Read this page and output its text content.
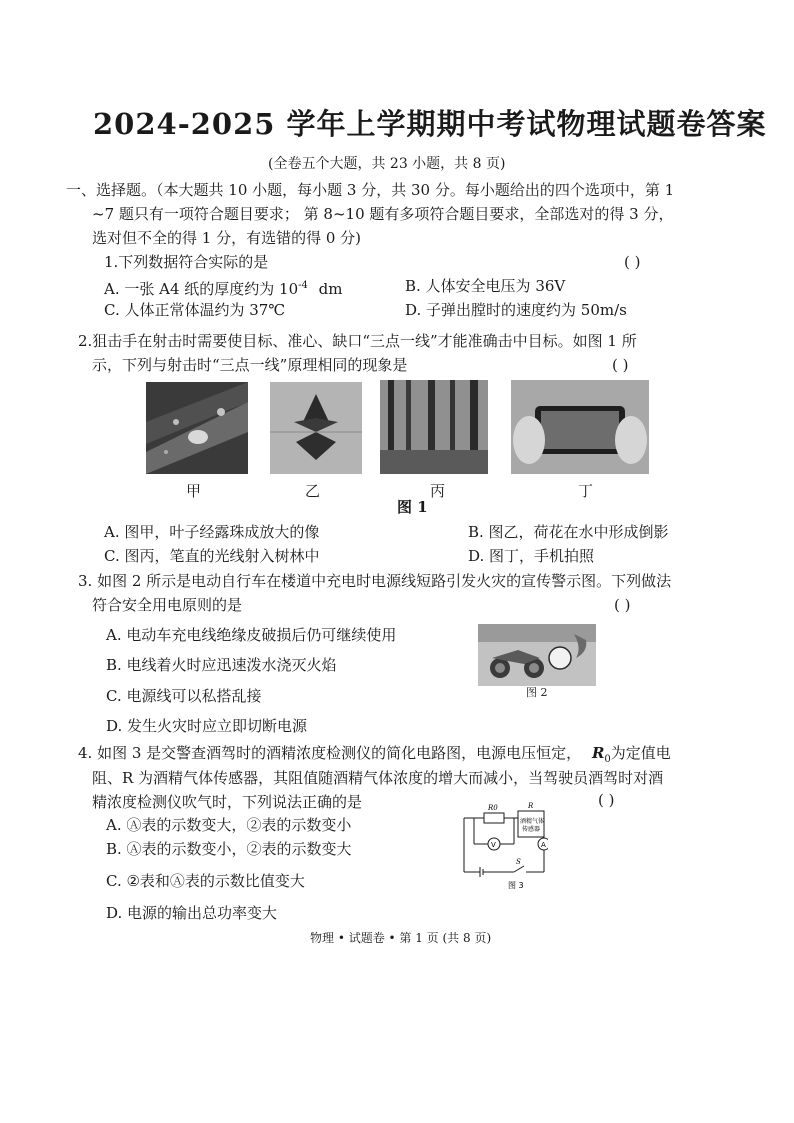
2024-2025 学年上学期期中考试物理试题卷答案
(全卷五个大题，共 23 小题，共 8 页)
一、选择题。（本大题共 10 小题，每小题 3 分，共 30 分。每小题给出的四个选项中，第 1
~7 题只有一项符合题目要求； 第 8~10 题有多项符合题目要求，全部选对的得 3 分，
选对但不全的得 1 分，有选错的得 0 分)
1.下列数据符合实际的是	( )
A. 一张 A4 纸的厚度约为 $10^{-4}$ dm	B. 人体安全电压为 36V
C. 人体正常体温约为 37℃	D. 子弹出膛时的速度约为 50m/s
2.狙击手在射击时需要使目标、准心、缺口“三点一线”才能准确击中目标。如图 1 所
示，下列与射击时“三点一线”原理相同的现象是	( )
甲	乙	丙	丁
图 1
A. 图甲，叶子经露珠成放大的像	B. 图乙，荷花在水中形成倒影
C. 图丙，笔直的光线射入树林中	D. 图丁，手机拍照
3. 如图 2 所示是电动自行车在楼道中充电时电源线短路引发火灾的宣传警示图。下列做法
符合安全用电原则的是	( )
A. 电动车充电线绝缘皮破损后仍可继续使用
B. 电线着火时应迅速泼水浇灭火焰
C. 电源线可以私搭乱接
D. 发生火灾时应立即切断电源
图 2
4. 如图 3 是交警查酒驾时的酒精浓度检测仪的简化电路图，电源电压恒定， $R_0$为定值电
阻、R 为酒精气体传感器，其阻值随酒精气体浓度的增大而减小，当驾驶员酒驾时对酒
精浓度检测仪吹气时，下列说法正确的是	( )
A. Ⓐ表的示数变大，②表的示数变小
B. Ⓐ表的示数变小，②表的示数变大
C. ②表和Ⓐ表的示数比值变大
D. 电源的输出总功率变大
R0	R
酒精气体
传感器
V	A
S
图 3
物理 • 试题卷 • 第 1 页 (共 8 页)
